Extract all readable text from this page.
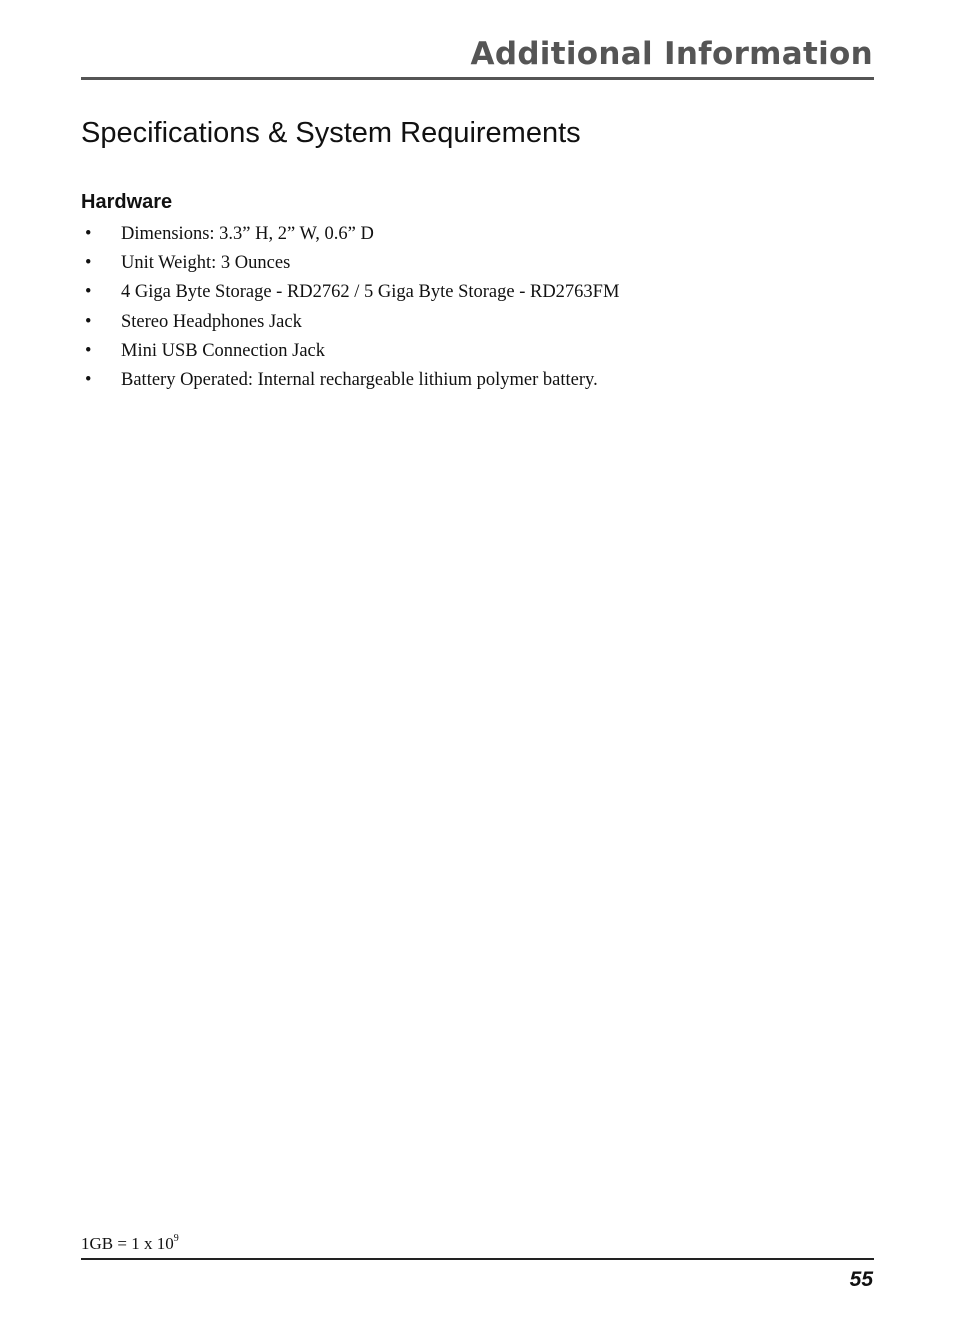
Additional Information
Specifications & System Requirements
Hardware
• Dimensions: 3.3” H, 2” W, 0.6” D
• Unit Weight: 3 Ounces
• 4 Giga Byte Storage - RD2762 / 5 Giga Byte Storage - RD2763FM
• Stereo Headphones Jack
• Mini USB Connection Jack
• Battery Operated: Internal rechargeable lithium polymer battery.
1GB = 1 x $10^9$
55
